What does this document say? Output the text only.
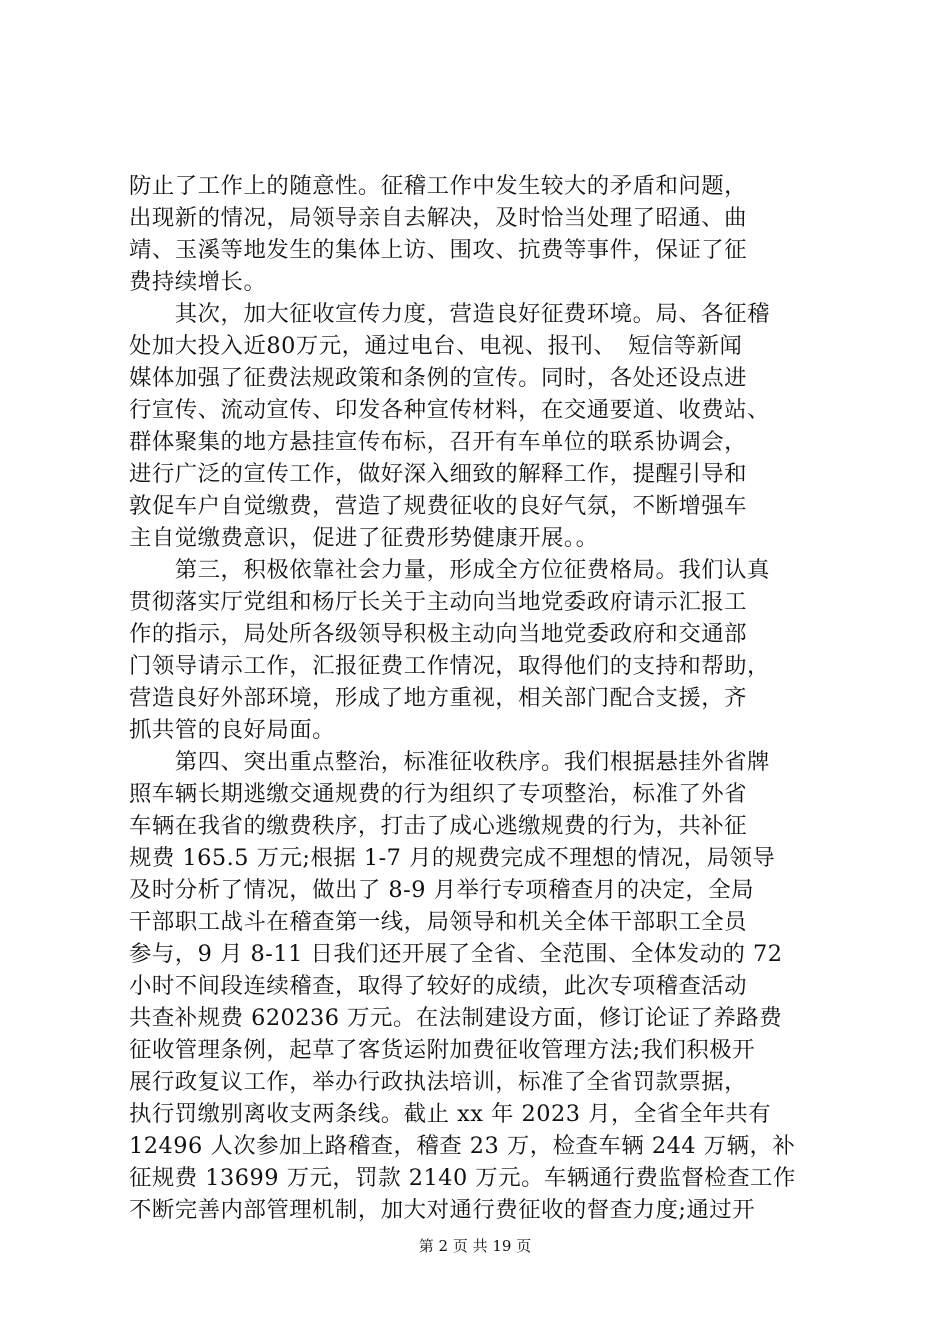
防止了工作上的随意性。征稽工作中发生较大的矛盾和问题，
出现新的情况，局领导亲自去解决，及时恰当处理了昭通、曲
靖、玉溪等地发生的集体上访、围攻、抗费等事件，保证了征
费持续增长。
　　其次，加大征收宣传力度，营造良好征费环境。局、各征稽
处加大投入近80万元，通过电台、电视、报刊、　短信等新闻
媒体加强了征费法规政策和条例的宣传。同时，各处还设点进
行宣传、流动宣传、印发各种宣传材料，在交通要道、收费站、
群体聚集的地方悬挂宣传布标，召开有车单位的联系协调会，
进行广泛的宣传工作，做好深入细致的解释工作，提醒引导和
敦促车户自觉缴费，营造了规费征收的良好气氛，不断增强车
主自觉缴费意识，促进了征费形势健康开展。。
　　第三，积极依靠社会力量，形成全方位征费格局。我们认真
贯彻落实厅党组和杨厅长关于主动向当地党委政府请示汇报工
作的指示，局处所各级领导积极主动向当地党委政府和交通部
门领导请示工作，汇报征费工作情况，取得他们的支持和帮助，
营造良好外部环境，形成了地方重视，相关部门配合支援，齐
抓共管的良好局面。
　　第四、突出重点整治，标准征收秩序。我们根据悬挂外省牌
照车辆长期逃缴交通规费的行为组织了专项整治，标准了外省
车辆在我省的缴费秩序，打击了成心逃缴规费的行为，共补征
规费 165.5 万元;根据 1-7 月的规费完成不理想的情况，局领导
及时分析了情况，做出了 8-9 月举行专项稽查月的决定，全局
干部职工战斗在稽查第一线，局领导和机关全体干部职工全员
参与，9 月 8-11 日我们还开展了全省、全范围、全体发动的 72
小时不间段连续稽查，取得了较好的成绩，此次专项稽查活动
共查补规费 620236 万元。在法制建设方面，修订论证了养路费
征收管理条例，起草了客货运附加费征收管理方法;我们积极开
展行政复议工作，举办行政执法培训，标准了全省罚款票据，
执行罚缴别离收支两条线。截止 xx 年 2023 月，全省全年共有
12496 人次参加上路稽查，稽查 23 万，检查车辆 244 万辆，补
征规费 13699 万元，罚款 2140 万元。车辆通行费监督检查工作
不断完善内部管理机制，加大对通行费征收的督查力度;通过开
第 2 页 共 19 页
